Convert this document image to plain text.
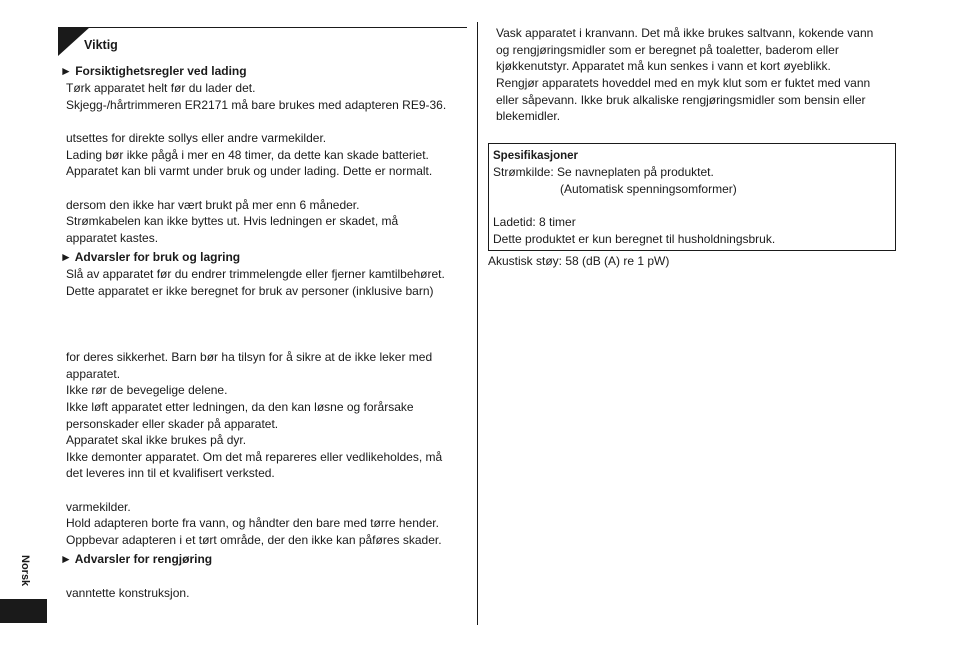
Norsk
Viktig
► Forsiktighetsregler ved lading
Tørk apparatet helt før du lader det.
Skjegg-/hårtrimmeren ER2171 må bare brukes med adapteren RE9-36.
utsettes for direkte sollys eller andre varmekilder.
Lading bør ikke pågå i mer en 48 timer, da dette kan skade batteriet.
Apparatet kan bli varmt under bruk og under lading. Dette er normalt.
dersom den ikke har vært brukt på mer enn 6 måneder.
Strømkabelen kan ikke byttes ut. Hvis ledningen er skadet, må
apparatet kastes.
► Advarsler for bruk og lagring
Slå av apparatet før du endrer trimmelengde eller fjerner kamtilbehøret.
Dette apparatet er ikke beregnet for bruk av personer (inklusive barn)
for deres sikkerhet. Barn bør ha tilsyn for å sikre at de ikke leker med
apparatet.
Ikke rør de bevegelige delene.
Ikke løft apparatet etter ledningen, da den kan løsne og forårsake
personskader eller skader på apparatet.
Apparatet skal ikke brukes på dyr.
Ikke demonter apparatet. Om det må repareres eller vedlikeholdes, må
det leveres inn til et kvalifisert verksted.
varmekilder.
Hold adapteren borte fra vann, og håndter den bare med tørre hender.
Oppbevar adapteren i et tørt område, der den ikke kan påføres skader.
► Advarsler for rengjøring
vanntette konstruksjon.
Vask apparatet i kranvann. Det må ikke brukes saltvann, kokende vann
og rengjøringsmidler som er beregnet på toaletter, baderom eller
kjøkkenutstyr. Apparatet må kun senkes i vann et kort øyeblikk.
Rengjør apparatets hoveddel med en myk klut som er fuktet med vann
eller såpevann. Ikke bruk alkaliske rengjøringsmidler som bensin eller
blekemidler.
Spesifikasjoner
Strømkilde: Se navneplaten på produktet.
(Automatisk spenningsomformer)
Ladetid: 8 timer
Dette produktet er kun beregnet til husholdningsbruk.
Akustisk støy: 58 (dB (A) re 1 pW)
